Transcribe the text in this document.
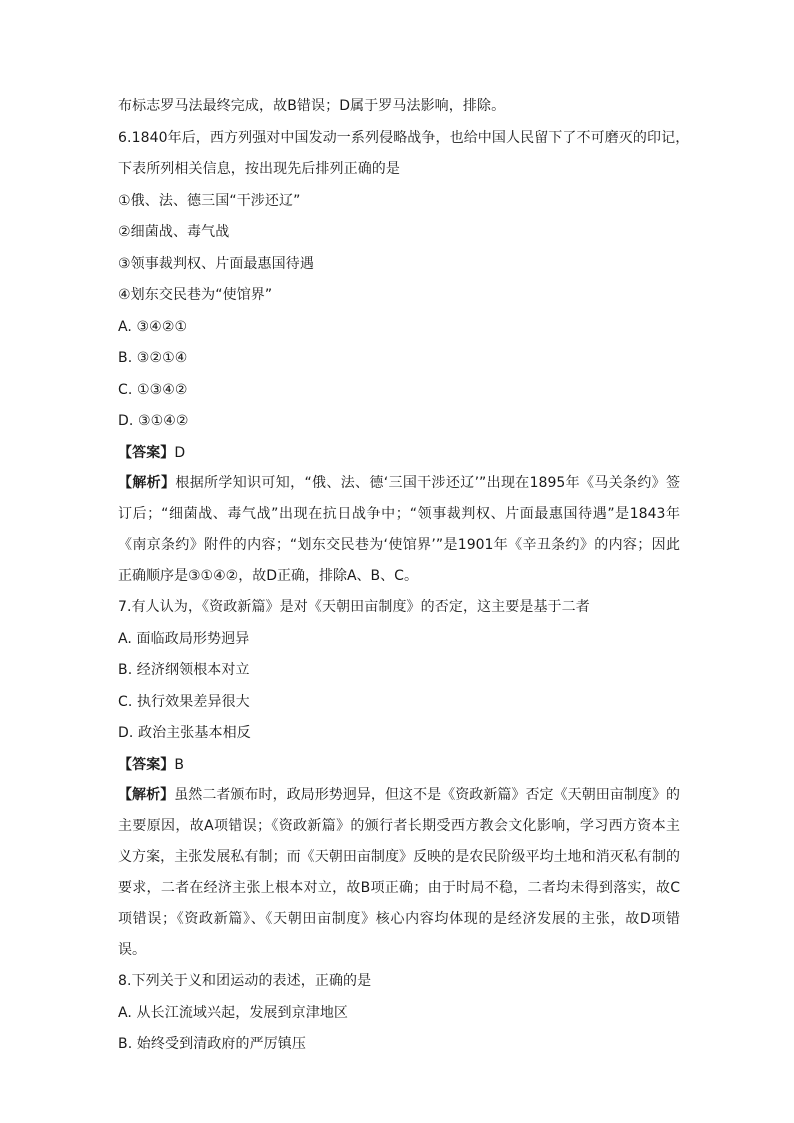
布标志罗马法最终完成，故B错误；D属于罗马法影响，排除。
6.1840年后，西方列强对中国发动一系列侵略战争，也给中国人民留下了不可磨灭的印记，
下表所列相关信息，按出现先后排列正确的是
①俄、法、德三国“干涉还辽”
②细菌战、毒气战
③领事裁判权、片面最惠国待遇
④划东交民巷为“使馆界”
A. ③④②①
B. ③②①④
C. ①③④②
D. ③①④②
【答案】D
【解析】根据所学知识可知，“俄、法、德‘三国干涉还辽’”出现在1895年《马关条约》签订后；“细菌战、毒气战”出现在抗日战争中；“领事裁判权、片面最惠国待遇”是1843年《南京条约》附件的内容；“划东交民巷为‘使馆界’”是1901年《辛丑条约》的内容；因此正确顺序是③①④②，故D正确，排除A、B、C。
7.有人认为，《资政新篇》是对《天朝田亩制度》的否定，这主要是基于二者
A. 面临政局形势迥异
B. 经济纲领根本对立
C. 执行效果差异很大
D. 政治主张基本相反
【答案】B
【解析】虽然二者颁布时，政局形势迥异，但这不是《资政新篇》否定《天朝田亩制度》的主要原因，故A项错误；《资政新篇》的颁行者长期受西方教会文化影响，学习西方资本主义方案，主张发展私有制；而《天朝田亩制度》反映的是农民阶级平均土地和消灭私有制的要求，二者在经济主张上根本对立，故B项正确；由于时局不稳，二者均未得到落实，故C项错误；《资政新篇》、《天朝田亩制度》核心内容均体现的是经济发展的主张，故D项错误。
8.下列关于义和团运动的表述，正确的是
A. 从长江流域兴起，发展到京津地区
B. 始终受到清政府的严厉镇压
